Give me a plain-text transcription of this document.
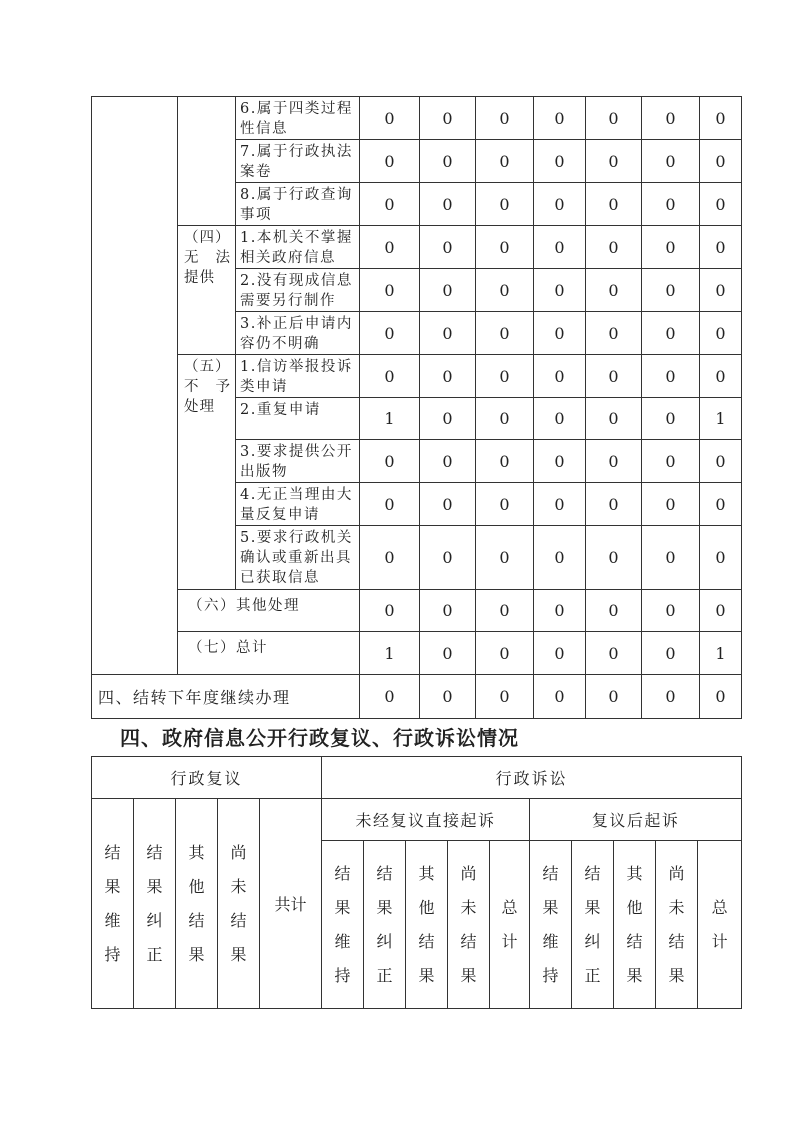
		6.属于四类过程性信息	0	0	0	0	0	0	0
		7.属于行政执法案卷	0	0	0	0	0	0	0
		8.属于行政查询事项	0	0	0	0	0	0	0

	（四）
无 法
提供	1.本机关不掌握相关政府信息	0	0	0	0	0	0	0
		2.没有现成信息需要另行制作	0	0	0	0	0	0	0
		3.补正后申请内容仍不明确	0	0	0	0	0	0	0

	（五）
不 予
处理	1.信访举报投诉类申请	0	0	0	0	0	0	0
		2.重复申请	1	0	0	0	0	0	1
		3.要求提供公开出版物	0	0	0	0	0	0	0
		4.无正当理由大量反复申请	0	0	0	0	0	0	0
		5.要求行政机关确认或重新出具已获取信息	0	0	0	0	0	0	0
	（六）其他处理		0	0	0	0	0	0	0
	（七）总计		1	0	0	0	0	0	1
四、结转下年度继续办理			0	0	0	0	0	0	0
四、政府信息公开行政复议、行政诉讼情况
行政复议					行政诉讼									

结
果
维
持	结
果
纠
正	其
他
结
果	尚
未
结
果	共计	未经复议直接起诉					复议后起诉				

					结
果
维
持	结
果
纠
正	其
他
结
果	尚
未
结
果	总
计	结
果
维
持	结
果
纠
正	其
他
结
果	尚
未
结
果	总
计
